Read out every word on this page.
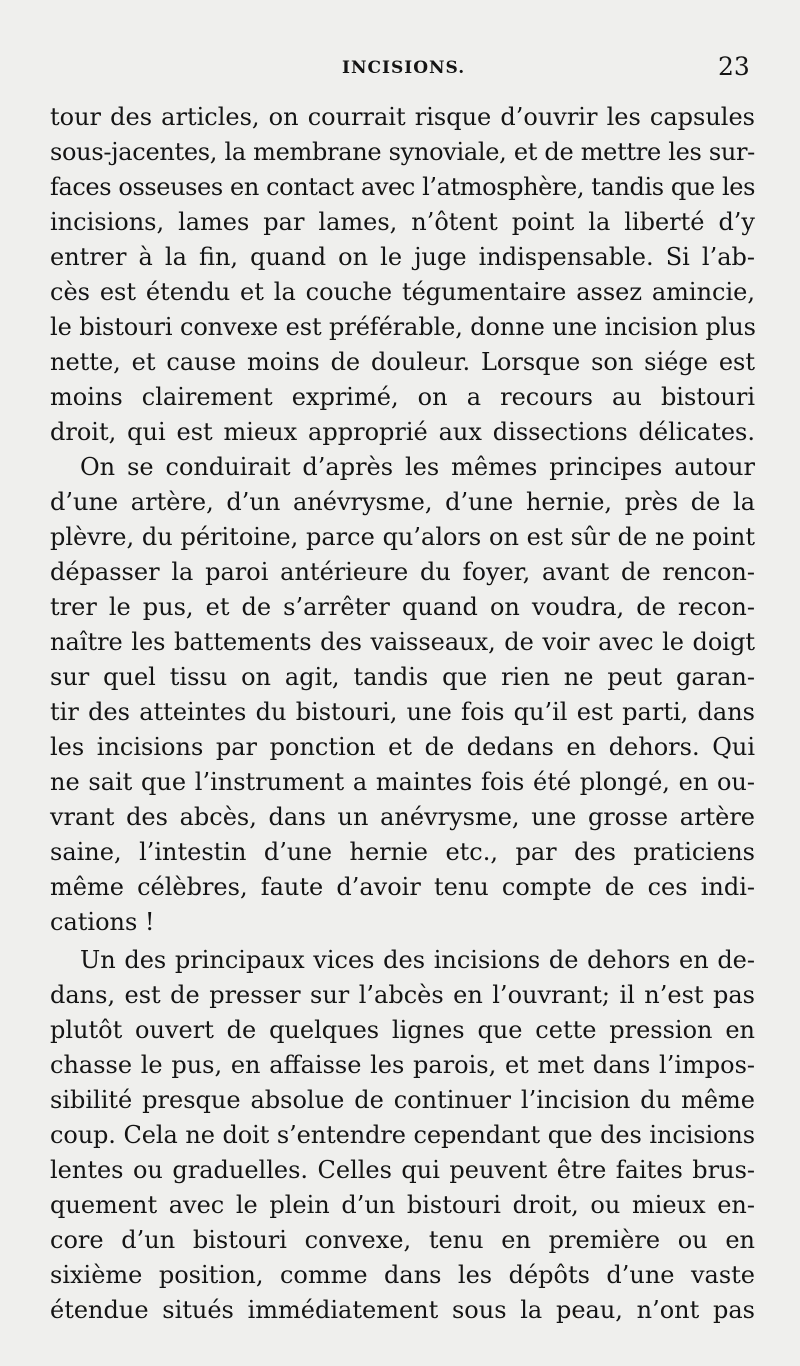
INCISIONS.	23
tour des articles, on courrait risque d’ouvrir les capsules
sous-jacentes, la membrane synoviale, et de mettre les sur-
faces osseuses en contact avec l’atmosphère, tandis que les
incisions, lames par lames, n’ôtent point la liberté d’y
entrer à la fin, quand on le juge indispensable. Si l’ab-
cès est étendu et la couche tégumentaire assez amincie,
le bistouri convexe est préférable, donne une incision plus
nette, et cause moins de douleur. Lorsque son siége est
moins clairement exprimé, on a recours au bistouri
droit, qui est mieux approprié aux dissections délicates.
On se conduirait d’après les mêmes principes autour
d’une artère, d’un anévrysme, d’une hernie, près de la
plèvre, du péritoine, parce qu’alors on est sûr de ne point
dépasser la paroi antérieure du foyer, avant de rencon-
trer le pus, et de s’arrêter quand on voudra, de recon-
naître les battements des vaisseaux, de voir avec le doigt
sur quel tissu on agit, tandis que rien ne peut garan-
tir des atteintes du bistouri, une fois qu’il est parti, dans
les incisions par ponction et de dedans en dehors. Qui
ne sait que l’instrument a maintes fois été plongé, en ou-
vrant des abcès, dans un anévrysme, une grosse artère
saine, l’intestin d’une hernie etc., par des praticiens
même célèbres, faute d’avoir tenu compte de ces indi-
cations !
Un des principaux vices des incisions de dehors en de-
dans, est de presser sur l’abcès en l’ouvrant; il n’est pas
plutôt ouvert de quelques lignes que cette pression en
chasse le pus, en affaisse les parois, et met dans l’impos-
sibilité presque absolue de continuer l’incision du même
coup. Cela ne doit s’entendre cependant que des incisions
lentes ou graduelles. Celles qui peuvent être faites brus-
quement avec le plein d’un bistouri droit, ou mieux en-
core d’un bistouri convexe, tenu en première ou en
sixième position, comme dans les dépôts d’une vaste
étendue situés immédiatement sous la peau, n’ont pas
